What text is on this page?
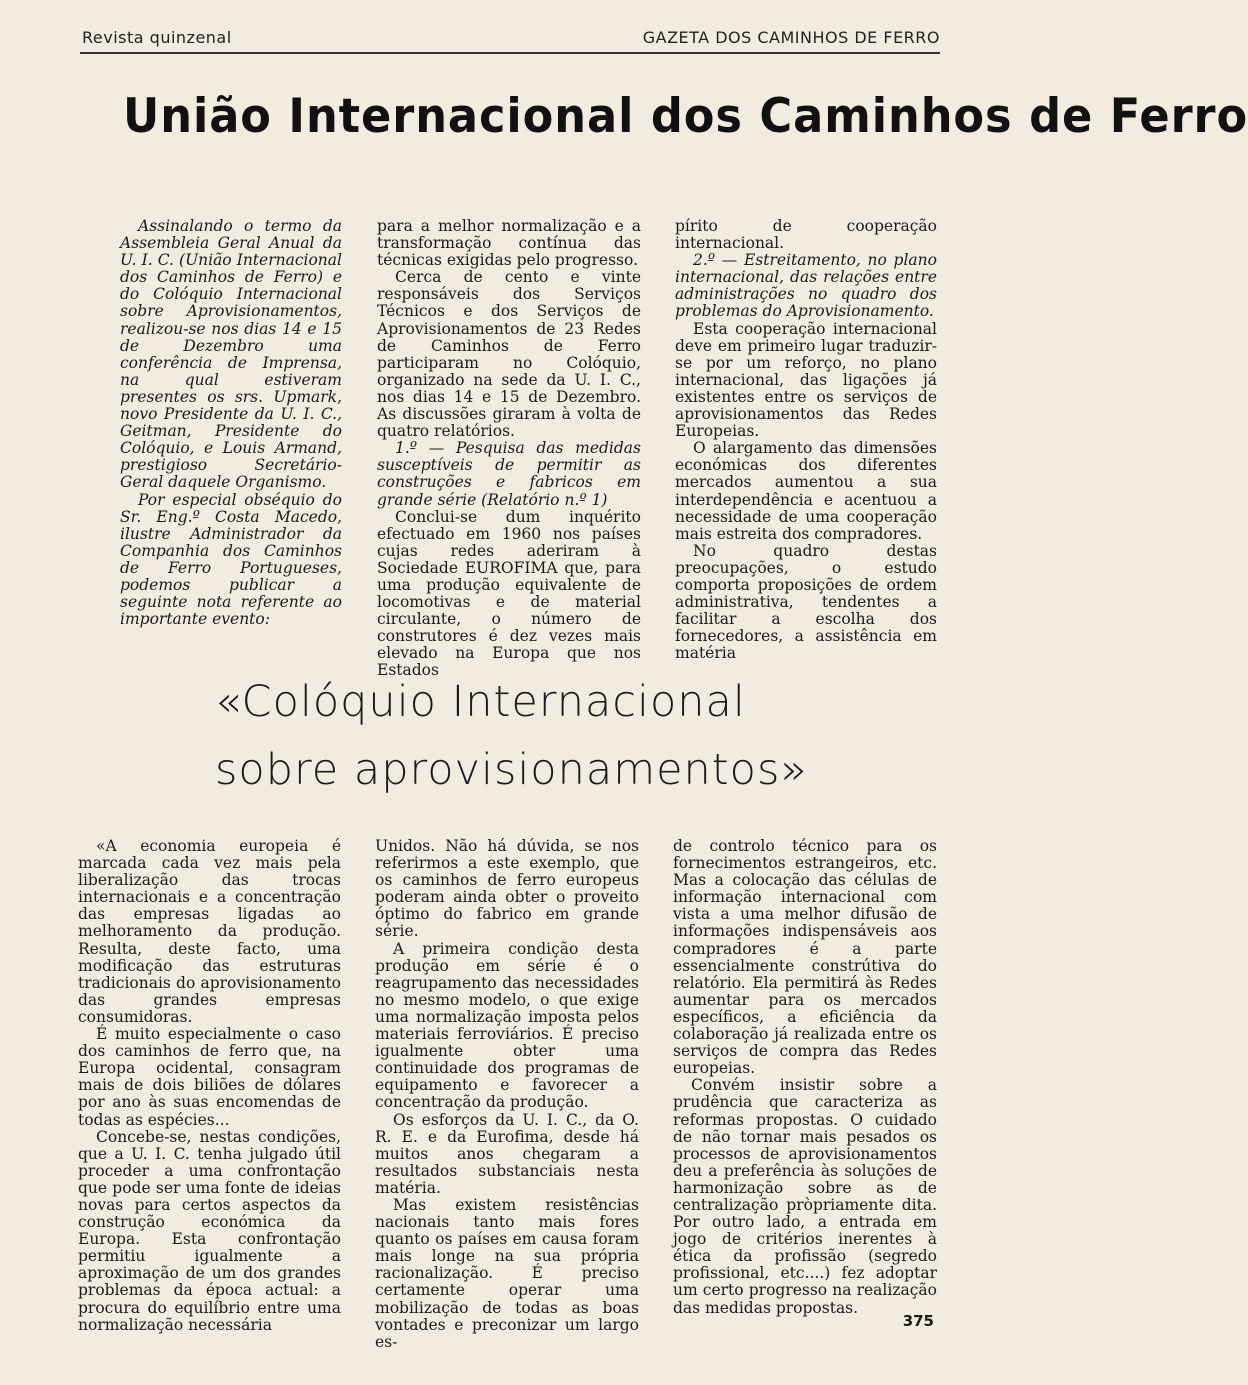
Revista quinzenal	GAZETA DOS CAMINHOS DE FERRO
União Internacional dos Caminhos de Ferro

Assinalando o termo da Assembleia Geral Anual da U. I. C. (União Internacional dos Caminhos de Ferro) e do Colóquio Internacional sobre Aprovisionamentos, realizou-se nos dias 14 e 15 de Dezembro uma conferência de Imprensa, na qual estiveram presentes os srs. Upmark, novo Presidente da U. I. C., Geitman, Presidente do Colóquio, e Louis Armand, prestigioso Secretário-Geral daquele Organismo.

Por especial obséquio do Sr. Eng.º Costa Macedo, ilustre Administrador da Companhia dos Caminhos de Ferro Portugueses, podemos publicar a seguinte nota referente ao importante evento:

para a melhor normalização e a transformação contínua das técnicas exigidas pelo progresso.

Cerca de cento e vinte responsáveis dos Serviços Técnicos e dos Serviços de Aprovisionamentos de 23 Redes de Caminhos de Ferro participaram no Colóquio, organizado na sede da U. I. C., nos dias 14 e 15 de Dezembro. As discussões giraram à volta de quatro relatórios.

1.º — Pesquisa das medidas susceptíveis de permitir as construções e fabricos em grande série (Relatório n.º 1)

Conclui-se dum inquérito efectuado em 1960 nos países cujas redes aderiram à Sociedade EUROFIMA que, para uma produção equivalente de locomotivas e de material circulante, o número de construtores é dez vezes mais elevado na Europa que nos Estados

pírito de cooperação internacional.

2.º — Estreitamento, no plano internacional, das relações entre administrações no quadro dos problemas do Aprovisionamento.

Esta cooperação internacional deve em primeiro lugar traduzir-se por um reforço, no plano internacional, das ligações já existentes entre os serviços de aprovisionamentos das Redes Europeias.

O alargamento das dimensões económicas dos diferentes mercados aumentou a sua interdependência e acentuou a necessidade de uma cooperação mais estreita dos compradores.

No quadro destas preocupações, o estudo comporta proposições de ordem administrativa, tendentes a facilitar a escolha dos fornecedores, a assistência em matéria

«Colóquio Internacional
sobre aprovisionamentos»

«A economia europeia é marcada cada vez mais pela liberalização das trocas internacionais e a concentração das empresas ligadas ao melhoramento da produção. Resulta, deste facto, uma modificação das estruturas tradicionais do aprovisionamento das grandes empresas consumidoras.

É muito especialmente o caso dos caminhos de ferro que, na Europa ocidental, consagram mais de dois biliões de dólares por ano às suas encomendas de todas as espécies...

Concebe-se, nestas condições, que a U. I. C. tenha julgado útil proceder a uma confrontação que pode ser uma fonte de ideias novas para certos aspectos da construção económica da Europa. Esta confrontação permitiu igualmente a aproximação de um dos grandes problemas da época actual: a procura do equilíbrio entre uma normalização necessária

Unidos. Não há dúvida, se nos referirmos a este exemplo, que os caminhos de ferro europeus poderam ainda obter o proveito óptimo do fabrico em grande série.

A primeira condição desta produção em série é o reagrupamento das necessidades no mesmo modelo, o que exige uma normalização imposta pelos materiais ferroviários. É preciso igualmente obter uma continuidade dos programas de equipamento e favorecer a concentração da produção.

Os esforços da U. I. C., da O. R. E. e da Eurofima, desde há muitos anos chegaram a resultados substanciais nesta matéria.

Mas existem resistências nacionais tanto mais fores quanto os países em causa foram mais longe na sua própria racionalização. É preciso certamente operar uma mobilização de todas as boas vontades e preconizar um largo es-

de controlo técnico para os fornecimentos estrangeiros, etc. Mas a colocação das células de informação internacional com vista a uma melhor difusão de informações indispensáveis aos compradores é a parte essencialmente constrútiva do relatório. Ela permitirá às Redes aumentar para os mercados específicos, a eficiência da colaboração já realizada entre os serviços de compra das Redes europeias.

Convém insistir sobre a prudência que caracteriza as reformas propostas. O cuidado de não tornar mais pesados os processos de aprovisionamentos deu a preferência às soluções de harmonização sobre as de centralização pròpriamente dita. Por outro lado, a entrada em jogo de critérios inerentes à ética da profissão (segredo profissional, etc....) fez adoptar um certo progresso na realização das medidas propostas.

375
